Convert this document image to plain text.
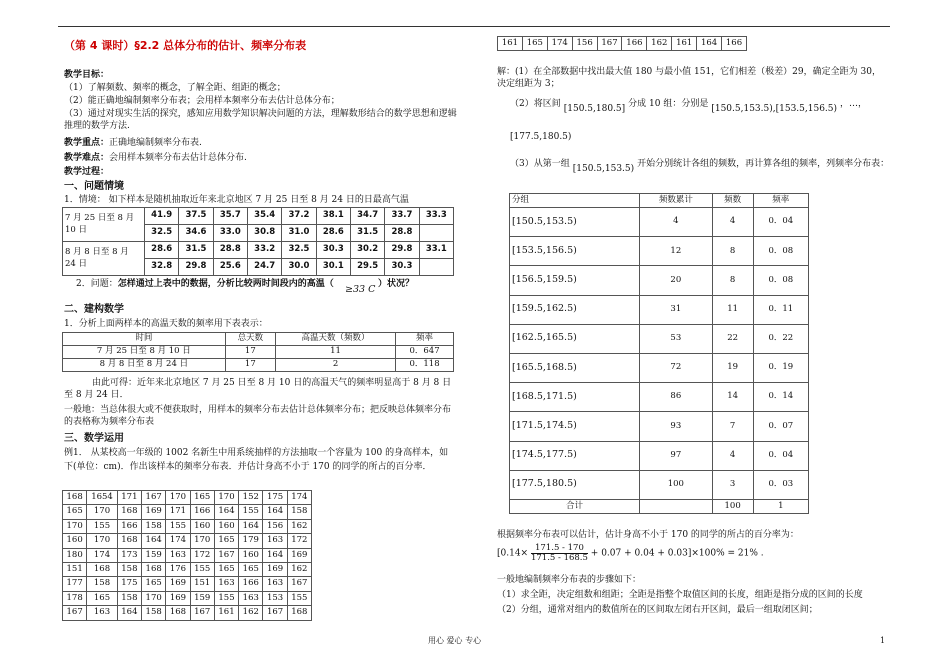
（第 4 课时）§2.2 总体分布的估计、频率分布表
教学目标：
（1）了解频数、频率的概念，了解全距、组距的概念；
（2）能正确地编制频率分布表；会用样本频率分布去估计总体分布；
（3）通过对现实生活的探究，感知应用数学知识解决问题的方法，理解数形结合的数学思想和逻辑推理的数学方法.
教学重点：正确地编制频率分布表.
教学难点：会用样本频率分布去估计总体分布.
教学过程：
一、问题情境
1．情境： 如下样本是随机抽取近年来北京地区 7 月 25 日至 8 月 24 日的日最高气温
7 月 25 日至 8 月 10 日	41.9	37.5	35.7	35.4	37.2	38.1	34.7	33.7	33.3
	32.5	34.6	33.0	30.8	31.0	28.6	31.5	28.8	
8 月 8 日至 8 月 24 日	28.6	31.5	28.8	33.2	32.5	30.3	30.2	29.8	33.1
	32.8	29.8	25.6	24.7	30.0	30.1	29.5	30.3	
2．问题：怎样通过上表中的数据，分析比较两时间段内的高温（ ≥33 C ）状况？
二、建构数学
1．分析上面两样本的高温天数的频率用下表表示：
时间	总天数	高温天数（频数）	频率
7 月 25 日至 8 月 10 日	17	11	0．647
8 月 8 日至 8 月 24 日	17	2	0．118
由此可得：近年来北京地区 7 月 25 日至 8 月 10 日的高温天气的频率明显高于 8 月 8 日至 8 月 24 日．
一般地：当总体很大或不便获取时，用样本的频率分布去估计总体频率分布；把反映总体频率分布的表格称为频率分布表
三、数学运用
例1． 从某校高一年级的 1002 名新生中用系统抽样的方法抽取一个容量为 100 的身高样本，如下(单位：cm)．作出该样本的频率分布表．并估计身高不小于 170 的同学的所占的百分率．
168	1654	171	167	170	165	170	152	175	174
165	170	168	169	171	166	164	155	164	158
170	155	166	158	155	160	160	164	156	162
160	170	168	164	174	170	165	179	163	172
180	174	173	159	163	172	167	160	164	169
151	168	158	168	176	155	165	165	169	162
177	158	175	165	169	151	163	166	163	167
178	165	158	170	169	159	155	163	153	155
167	163	164	158	168	167	161	162	167	168
161	165	174	156	167	166	162	161	164	166
解：(1）在全部数据中找出最大值 180 与最小值 151，它们相差（极差）29，确定全距为 30，决定组距为 3；
（2）将区间 [150.5,180.5] 分成 10 组：分别是 [150.5,153.5),[153.5,156.5) ，…，
[177.5,180.5)
（3）从第一组 [150.5,153.5) 开始分别统计各组的频数，再计算各组的频率，列频率分布表：
分组	频数累计	频数	频率
[150.5,153.5)	4	4	0．04
[153.5,156.5)	12	8	0．08
[156.5,159.5)	20	8	0．08
[159.5,162.5)	31	11	0．11
[162.5,165.5)	53	22	0．22
[165.5,168.5)	72	19	0．19
[168.5,171.5)	86	14	0．14
[171.5,174.5)	93	7	0．07
[174.5,177.5)	97	4	0．04
[177.5,180.5)	100	3	0．03
合计		100	1
根据频率分布表可以估计，估计身高不小于 170 的同学的所占的百分率为：
$[0.14\times \frac{171.5 - 170}{171.5 - 168.5} + 0.07 + 0.04 + 0.03]\times 100\% = 21\%$ .
一般地编制频率分布表的步骤如下：
（1）求全距，决定组数和组距；全距是指整个取值区间的长度，组距是指分成的区间的长度
（2）分组，通常对组内的数值所在的区间取左闭右开区间，最后一组取闭区间；
用心 爱心 专心	1
